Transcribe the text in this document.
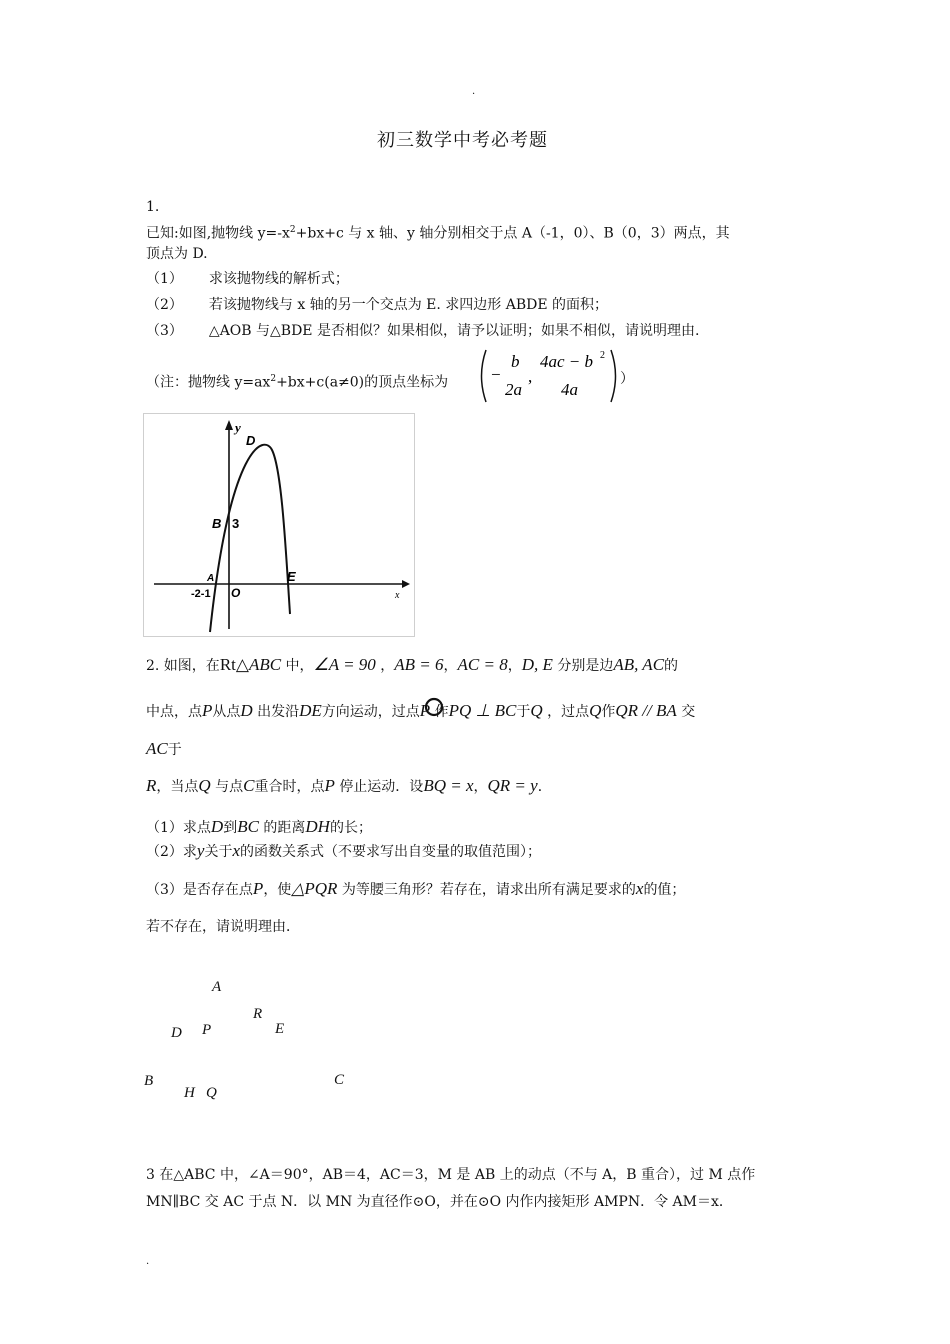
.
初三数学中考必考题
1.
已知:如图,抛物线 $y=-x^2+bx+c$ 与 x 轴、y 轴分别相交于点 A（-1，0）、B（0，3）两点，其
顶点为 D.
（1） 求该抛物线的解析式；
（2） 若该抛物线与 x 轴的另一个交点为 E. 求四边形 ABDE 的面积；
（3） △AOB 与△BDE 是否相似？如果相似，请予以证明；如果不相似，请说明理由.
（注：抛物线 $y=ax^2+bx+c(a\ne 0)$的顶点坐标为	−
b
2a
,
4ac − b 2
4a
）
y
x
D
B 3
E
O
A
-2-1
2. 如图，在Rt△ABC 中，∠A = 90 ，AB = 6，AC = 8，D, E 分别是边AB, AC的
中点，点P从点D 出发沿DE方向运动，过点P 作PQ ⊥ BC于Q ，过点Q作QR // BA 交
AC于
R，当点Q 与点C重合时，点P 停止运动．设BQ = x，QR = y．
（1）求点D到BC 的距离DH的长；
（2）求y关于x的函数关系式（不要求写出自变量的取值范围）；
（3）是否存在点P，使△PQR 为等腰三角形？若存在，请求出所有满足要求的x的值；
若不存在，请说明理由．
A
R
E
D P
B	C
H Q
3 在△ABC 中，∠A＝90°，AB＝4，AC＝3，M 是 AB 上的动点（不与 A，B 重合），过 M 点作
MN∥BC 交 AC 于点 N．以 MN 为直径作⊙O，并在⊙O 内作内接矩形 AMPN．令 AM＝x．
.
